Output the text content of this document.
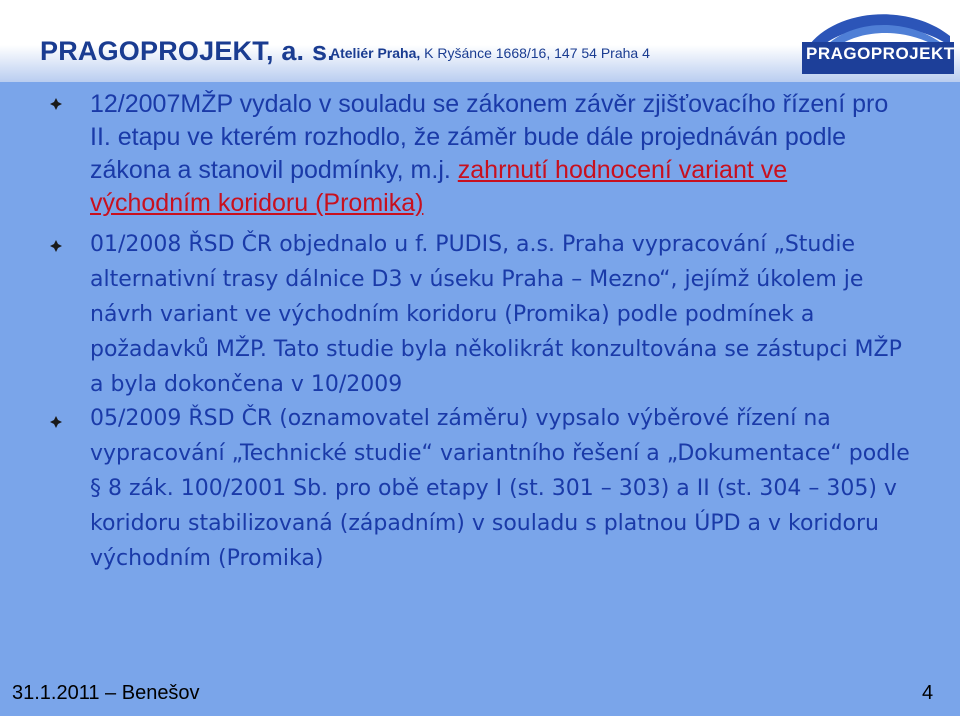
PRAGOPROJEKT, a. s.
Ateliér Praha, K Ryšánce 1668/16, 147 54 Praha 4	PRAGOPROJEKT
12/2007MŽP vydalo v souladu se zákonem závěr zjišťovacího řízení pro II. etapu ve kterém rozhodlo, že záměr bude dále projednáván podle zákona a stanovil podmínky, m.j. zahrnutí hodnocení variant ve východním koridoru (Promika)
01/2008 ŘSD ČR objednalo u f. PUDIS, a.s. Praha vypracování „Studie alternativní trasy dálnice D3 v úseku Praha – Mezno“, jejímž úkolem je návrh variant ve východním koridoru (Promika) podle podmínek a požadavků MŽP. Tato studie byla několikrát konzultována se zástupci MŽP a byla dokončena v 10/2009
05/2009 ŘSD ČR (oznamovatel záměru) vypsalo výběrové řízení na vypracování „Technické studie“ variantního řešení a „Dokumentace“ podle § 8 zák. 100/2001 Sb. pro obě etapy I (st. 301 – 303) a II (st. 304 – 305) v koridoru stabilizovaná (západním) v souladu s platnou ÚPD a v koridoru východním (Promika)
31.1.2011 – Benešov	4
